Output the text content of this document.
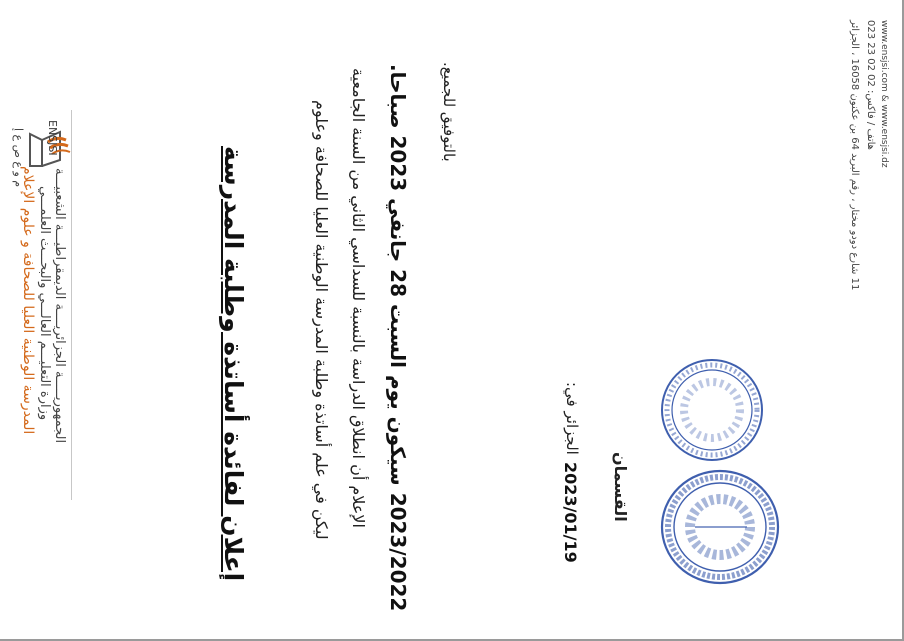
الجمهوريـــــة الجزائريــــة الديمقراطيـــة الشعبيـــة
وزارة التعليـــم العالـــي والبحـــث العلمـــي
المدرسة الوطنية العليا للصحافة و علوم الإعلام
ENSJSI
م و ع ص ع إ	إعلان لفائدة أساتذة وطلبة المدرسة	ليكن في علم أساتذة وطلبة المدرسة الوطنية العليا للصحافة وعلوم الإعلام أن انطلاق الدراسة بالنسبة للسداسي الثاني من السنة الجامعية 2023/2022 سيكون يوم السبت 28 جانفي 2023 صباحا.
بالتوفيق للجميع.
الجزائر في:
2023/01/19 القسمان
11 شارع دودو مختار ، رقم البريد 64 بن عكنون 16058 ، الجزائر
هاتف / فاكس: 02 02 23 023 www.ensjsi.com & www.ensjsi.dz
